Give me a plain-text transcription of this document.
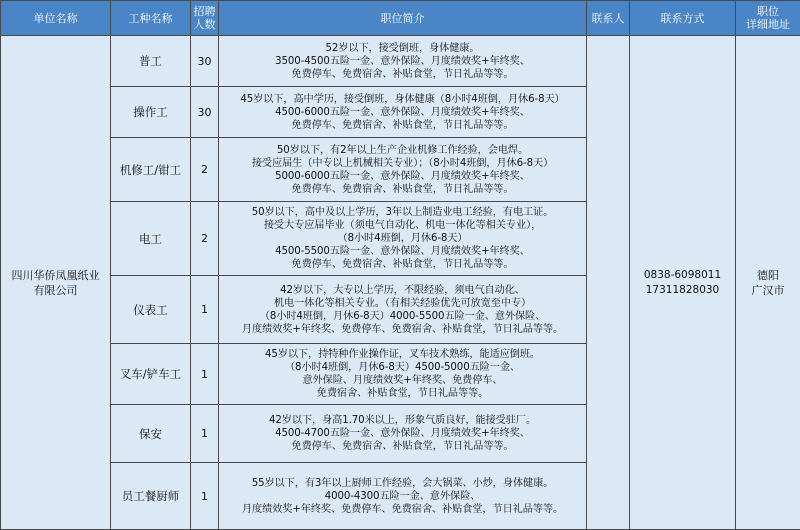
单位名称	工种名称	招聘
人数	职位简介	联系人	联系方式	职位
详细地址

四川华侨凤凰纸业
有限公司	普工	30	52岁以下，接受倒班，身体健康。
3500-4500五险一金、意外保险、月度绩效奖+年终奖、
免费停车、免费宿舍、补贴食堂，节日礼品等等。		0838-6098011
17311828030	德阳
广汉市
	操作工	30	45岁以下，高中学历，接受倒班，身体健康（8小时4班倒，月休6-8天）
4500-6000五险一金、意外保险、月度绩效奖+年终奖、
免费停车、免费宿舍、补贴食堂，节日礼品等等。			
	机修工/钳工	2	50岁以下，有2年以上生产企业机修工作经验，会电焊。
接受应届生（中专以上机械相关专业）；（8小时4班倒，月休6-8天）
5000-6000五险一金、意外保险、月度绩效奖+年终奖、
免费停车、免费宿舍、补贴食堂，节日礼品等等。			
	电工	2	50岁以下，高中及以上学历，3年以上制造业电工经验，有电工证。
接受大专应届毕业（须电气自动化、机电一体化等相关专业），
（8小时4班倒，月休6-8天）
4500-5500五险一金、意外保险、月度绩效奖+年终奖、
免费停车、免费宿舍、补贴食堂，节日礼品等等。			
	仪表工	1	42岁以下，大专以上学历，不限经验，须电气自动化、
机电一体化等相关专业。（有相关经验优先可放宽至中专）
（8小时4班倒，月休6-8天）4000-5500五险一金、意外保险、
月度绩效奖+年终奖、免费停车、免费宿舍、补贴食堂，节日礼品等等。			
	叉车/铲车工	1	45岁以下，持特种作业操作证，叉车技术熟练，能适应倒班。
（8小时4班倒，月休6-8天）4500-5000五险一金、
意外保险、月度绩效奖+年终奖、免费停车、
免费宿舍、补贴食堂，节日礼品等等。			
	保安	1	42岁以下，身高1.70米以上，形象气质良好，能接受驻厂。
4500-4700五险一金、意外保险、月度绩效奖+年终奖、
免费停车、免费宿舍、补贴食堂，节日礼品等等。			
	员工餐厨师	1	55岁以下，有3年以上厨师工作经验，会大锅菜、小炒，身体健康。
4000-4300五险一金、意外保险、
月度绩效奖+年终奖、免费停车、免费宿舍、补贴食堂，节日礼品等等。			
